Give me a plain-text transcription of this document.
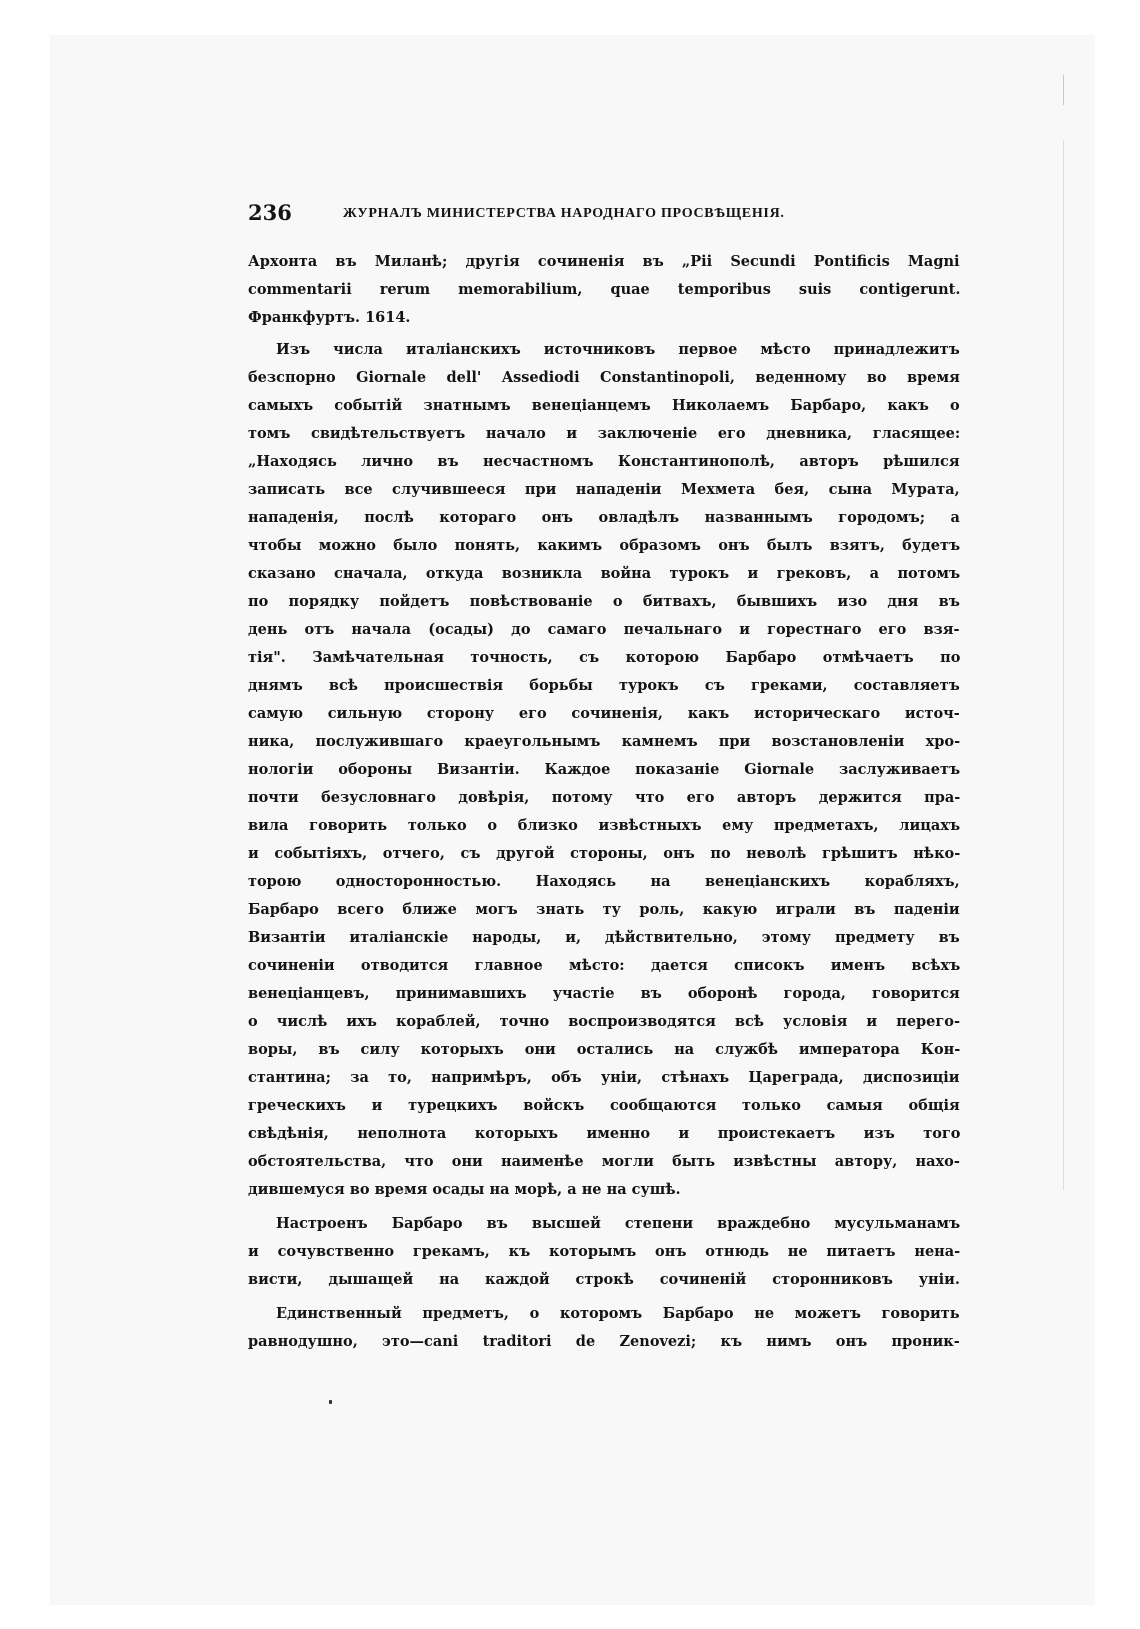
236	ЖУРНАЛЪ МИНИСТЕРСТВА НАРОДНАГО ПРОСВѢЩЕНІЯ.
Архонта въ Миланѣ; другія сочиненія въ „Pii Secundi Pontificis Magni
commentarii rerum memorabilium, quae temporibus suis contigerunt.
Франкфуртъ. 1614.
Изъ числа италіанскихъ источниковъ первое мѣсто принадлежитъ
безспорно Giornale dell' Assediodi Constantinopoli, веденному во время
самыхъ событій знатнымъ венеціанцемъ Николаемъ Барбаро, какъ о
томъ свидѣтельствуетъ начало и заключеніе его дневника, гласящее:
„Находясь лично въ несчастномъ Константинополѣ, авторъ рѣшился
записать все случившееся при нападеніи Мехмета бея, сына Мурата,
нападенія, послѣ котораго онъ овладѣлъ названнымъ городомъ; а
чтобы можно было понять, какимъ образомъ онъ былъ взятъ, будетъ
сказано сначала, откуда возникла война турокъ и грековъ, а потомъ
по порядку пойдетъ повѣствованіе о битвахъ, бывшихъ изо дня въ
день отъ начала (осады) до самаго печальнаго и горестнаго его взя-
тія". Замѣчательная точность, съ которою Барбаро отмѣчаетъ по
днямъ всѣ происшествія борьбы турокъ съ греками, составляетъ
самую сильную сторону его сочиненія, какъ историческаго источ-
ника, послужившаго краеугольнымъ камнемъ при возстановленіи хро-
нологіи обороны Византіи. Каждое показаніе Giornale заслуживаетъ
почти безусловнаго довѣрія, потому что его авторъ держится пра-
вила говорить только о близко извѣстныхъ ему предметахъ, лицахъ
и событіяхъ, отчего, съ другой стороны, онъ по неволѣ грѣшитъ нѣко-
торою односторонностью. Находясь на венеціанскихъ корабляхъ,
Барбаро всего ближе могъ знать ту роль, какую играли въ паденіи
Византіи италіанскіе народы, и, дѣйствительно, этому предмету въ
сочиненіи отводится главное мѣсто: дается списокъ именъ всѣхъ
венеціанцевъ, принимавшихъ участіе въ оборонѣ города, говорится
о числѣ ихъ кораблей, точно воспроизводятся всѣ условія и перего-
воры, въ силу которыхъ они остались на службѣ императора Кон-
стантина; за то, напримѣръ, объ уніи, стѣнахъ Цареграда, диспозиціи
греческихъ и турецкихъ войскъ сообщаются только самыя общія
свѣдѣнія, неполнота которыхъ именно и проистекаетъ изъ того
обстоятельства, что они наименѣе могли быть извѣстны автору, нахо-
дившемуся во время осады на морѣ, а не на сушѣ.
Настроенъ Барбаро въ высшей степени враждебно мусульманамъ
и сочувственно грекамъ, къ которымъ онъ отнюдь не питаетъ нена-
висти, дышащей на каждой строкѣ сочиненій сторонниковъ уніи.
Единственный предметъ, о которомъ Барбаро не можетъ говорить
равнодушно, это—cani traditori de Zenovezi; къ нимъ онъ проник-
